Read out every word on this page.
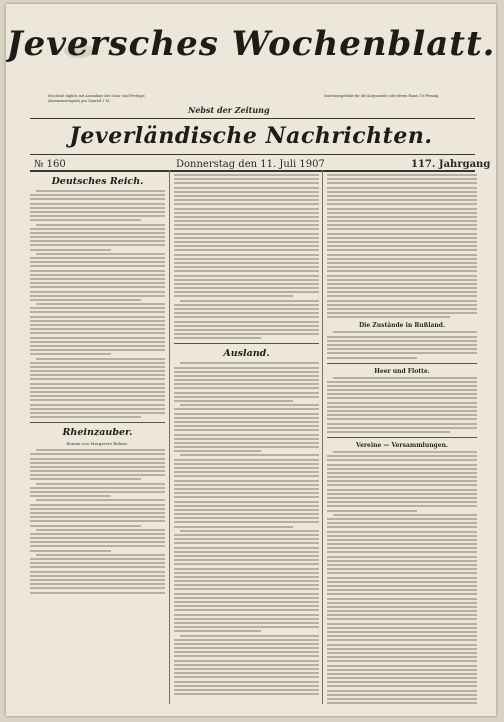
Jeversches Wochenblatt.
Erscheint täglich mit Ausnahme der Sonn- und Festtage. Abonnementspreis pro Quartal 2 M.
Nebst der Zeitung
Insertionsgebühr für die Korpuszeile oder deren Raum 10 Pfennig.
Jeverländische Nachrichten.
№ 160	Donnerstag den 11. Juli 1907	117. Jahrgang
Deutsches Reich.
Rheinzauber.
Roman von Margarete Böhme.
Ausland.
Die Zustände in Rußland.
Heer und Flotte.
Vereine — Versammlungen.
